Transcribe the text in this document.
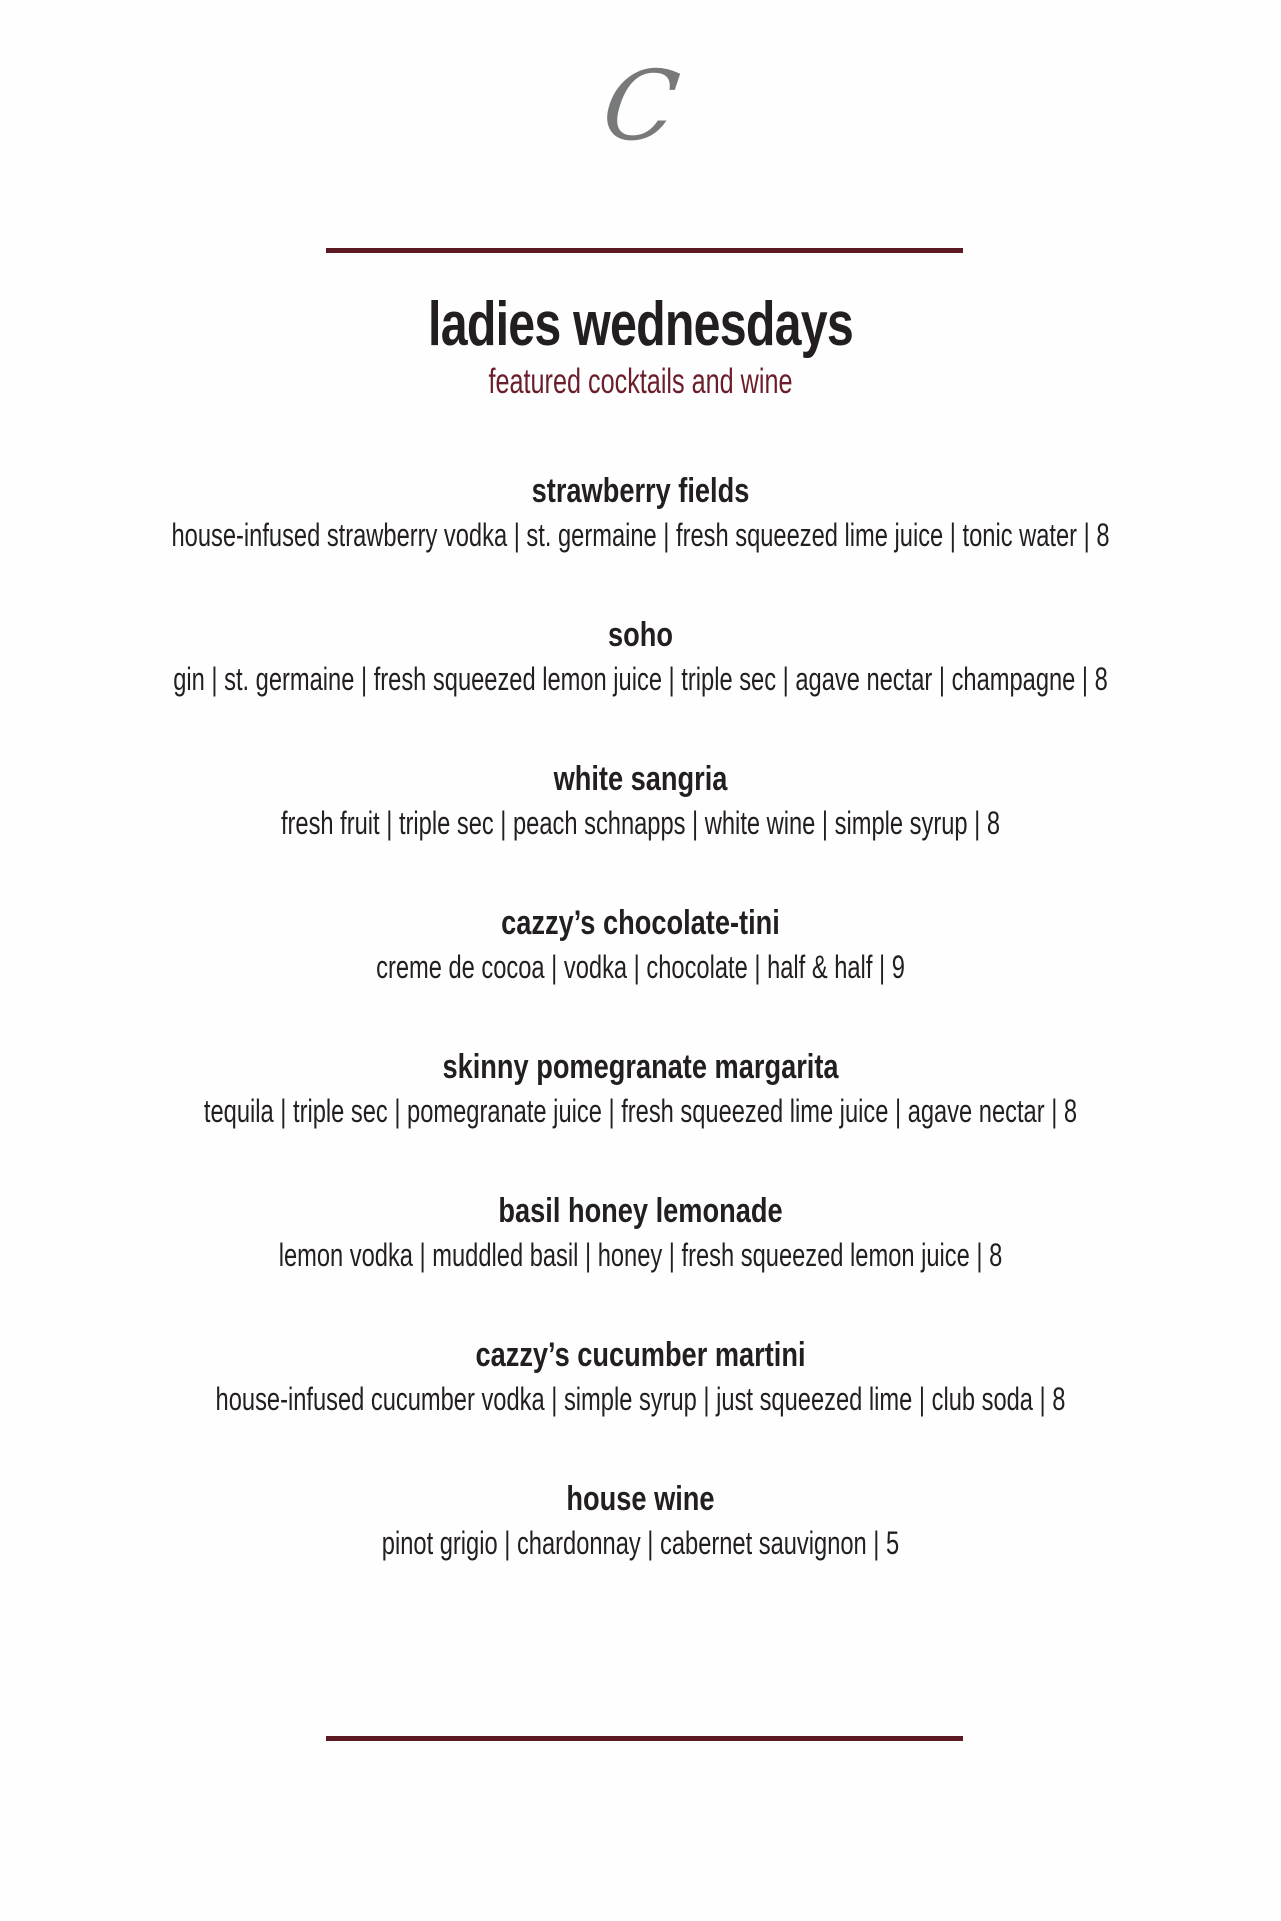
C
ladies wednesdays
featured cocktails and wine
strawberry fields
house-infused strawberry vodka | st. germaine | fresh squeezed lime juice | tonic water | 8
soho
gin | st. germaine | fresh squeezed lemon juice | triple sec | agave nectar | champagne | 8
white sangria
fresh fruit | triple sec | peach schnapps | white wine | simple syrup | 8
cazzy’s chocolate-tini
creme de cocoa | vodka | chocolate | half & half | 9
skinny pomegranate margarita
tequila | triple sec | pomegranate juice | fresh squeezed lime juice | agave nectar | 8
basil honey lemonade
lemon vodka | muddled basil | honey | fresh squeezed lemon juice | 8
cazzy’s cucumber martini
house-infused cucumber vodka | simple syrup | just squeezed lime | club soda | 8
house wine
pinot grigio | chardonnay | cabernet sauvignon | 5
